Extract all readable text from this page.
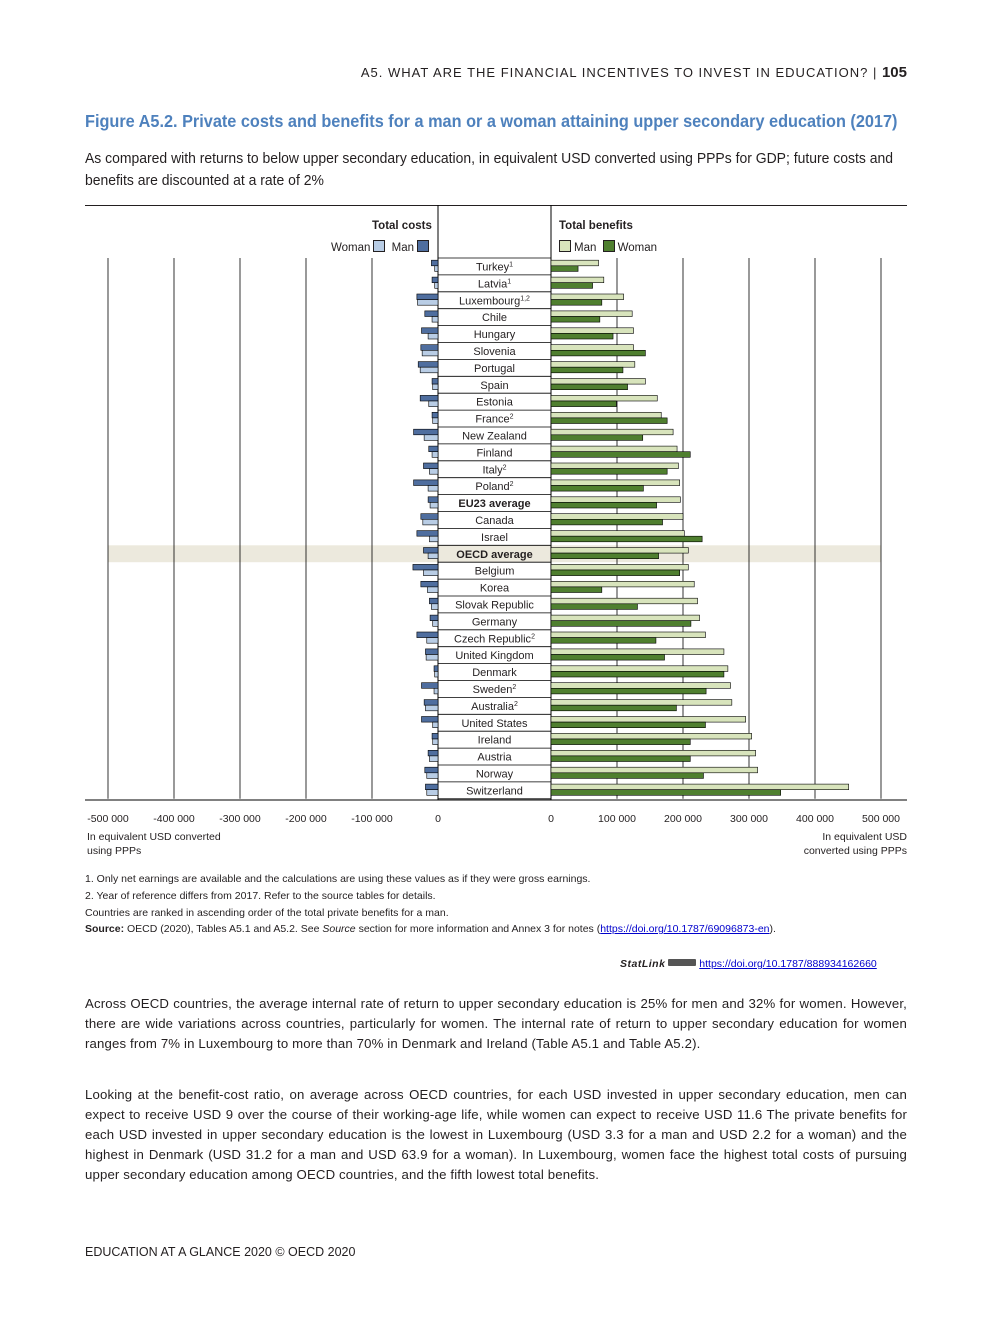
A5. WHAT ARE THE FINANCIAL INCENTIVES TO INVEST IN EDUCATION? | 105
Figure A5.2. Private costs and benefits for a man or a woman attaining upper secondary education (2017)
As compared with returns to below upper secondary education, in equivalent USD converted using PPPs for GDP; future costs and benefits are discounted at a rate of 2%
Total costs
Woman Man
Total benefits
Man Woman
-500 000 -400 000 -300 000 -200 000 -100 000	0	0	100 000	200 000	300 000	400 000	500 000
Turkey$^1$
Latvia$^1$
Luxembourg$^{1,2}$
Chile
Hungary
Slovenia
Portugal
Spain
Estonia
France$^2$
New Zealand
Finland
Italy$^2$
Poland$^2$
EU23 average
Canada
Israel
OECD average
Belgium
Korea
Slovak Republic
Germany
Czech Republic$^2$
United Kingdom
Denmark
Sweden$^2$
Australia$^2$
United States
Ireland
Austria
Norway
Switzerland
In equivalent USD converted using PPPs
In equivalent USD converted using PPPs
1. Only net earnings are available and the calculations are using these values as if they were gross earnings.
2. Year of reference differs from 2017. Refer to the source tables for details.
Countries are ranked in ascending order of the total private benefits for a man.
Source: OECD (2020), Tables A5.1 and A5.2. See Source section for more information and Annex 3 for notes (https://doi.org/10.1787/69096873-en).
StatLink	https://doi.org/10.1787/888934162660
Across OECD countries, the average internal rate of return to upper secondary education is 25% for men and 32% for women. However, there are wide variations across countries, particularly for women. The internal rate of return to upper secondary education for women ranges from 7% in Luxembourg to more than 70% in Denmark and Ireland (Table A5.1 and Table A5.2).
Looking at the benefit-cost ratio, on average across OECD countries, for each USD invested in upper secondary education, men can expect to receive USD 9 over the course of their working-age life, while women can expect to receive USD 11.6 The private benefits for each USD invested in upper secondary education is the lowest in Luxembourg (USD 3.3 for a man and USD 2.2 for a woman) and the highest in Denmark (USD 31.2 for a man and USD 63.9 for a woman). In Luxembourg, women face the highest total costs of pursuing upper secondary education among OECD countries, and the fifth lowest total benefits.
EDUCATION AT A GLANCE 2020 © OECD 2020
